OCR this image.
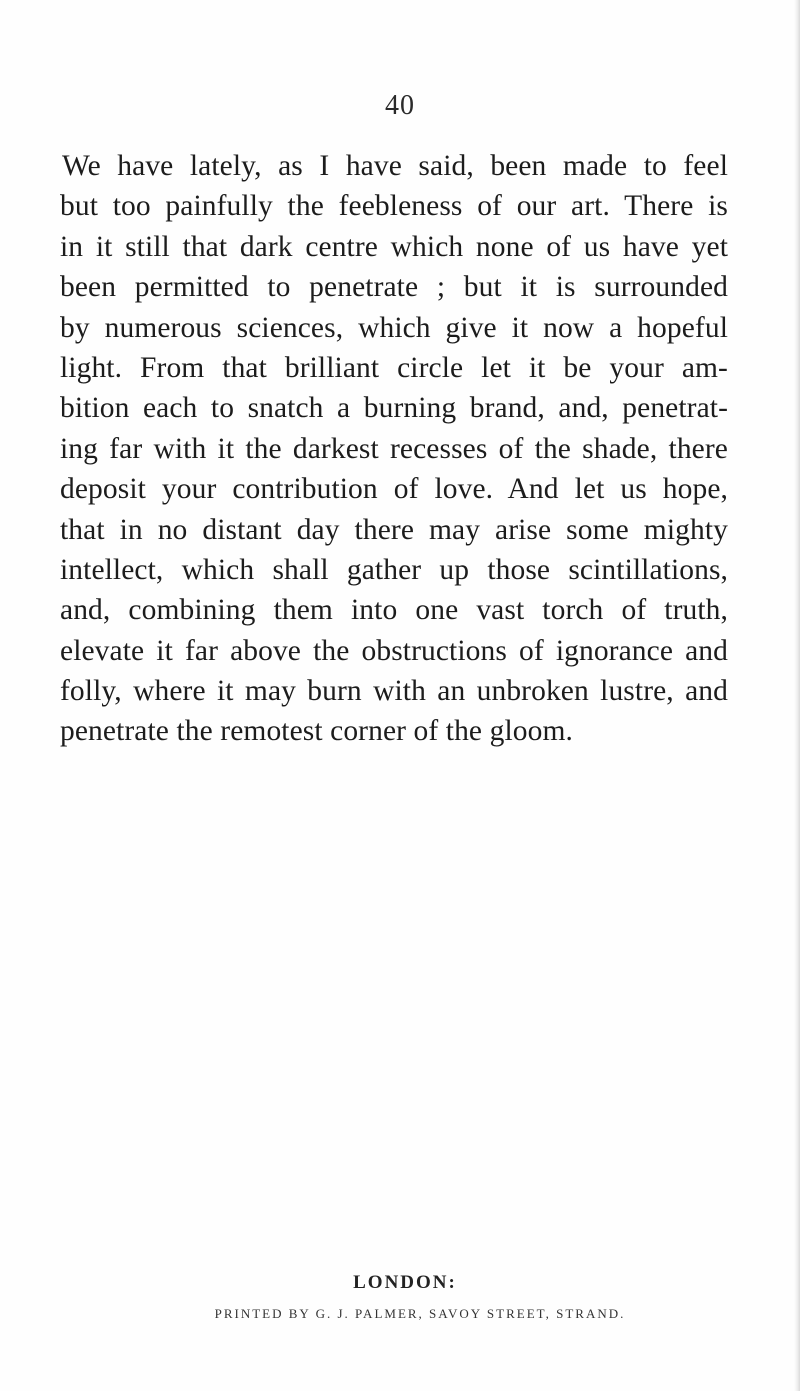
40
We have lately, as I have said, been made to feel
but too painfully the feebleness of our art. There is
in it still that dark centre which none of us have yet
been permitted to penetrate ; but it is surrounded
by numerous sciences, which give it now a hopeful
light. From that brilliant circle let it be your am-
bition each to snatch a burning brand, and, penetrat-
ing far with it the darkest recesses of the shade, there
deposit your contribution of love. And let us hope,
that in no distant day there may arise some mighty
intellect, which shall gather up those scintillations,
and, combining them into one vast torch of truth,
elevate it far above the obstructions of ignorance and
folly, where it may burn with an unbroken lustre, and
penetrate the remotest corner of the gloom.
LONDON:
PRINTED BY G. J. PALMER, SAVOY STREET, STRAND.
